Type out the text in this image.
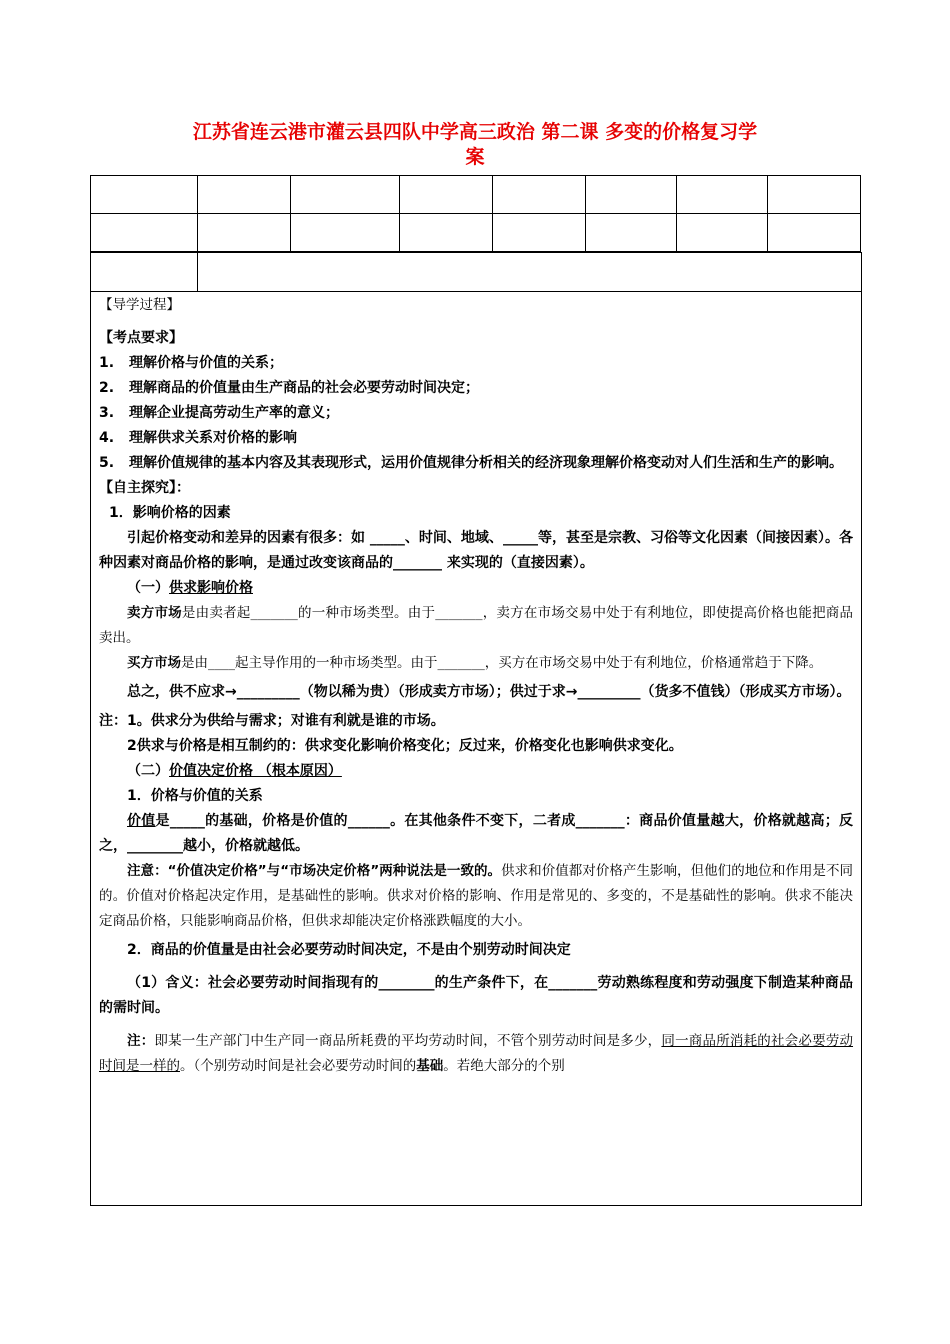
江苏省连云港市灌云县四队中学高三政治 第二课 多变的价格复习学
案

【导学过程】

【考点要求】

1.	理解价格与价值的关系；
2.	理解商品的价值量由生产商品的社会必要劳动时间决定；
3.	理解企业提高劳动生产率的意义；
4.	理解供求关系对价格的影响
5.	理解价值规律的基本内容及其表现形式，运用价值规律分析相关的经济现象理解价格变动对人们生活和生产的影响。

【自主探究】：

1．影响价格的因素

引起价格变动和差异的因素有很多：如 _____、时间、地域、_____等，甚至是宗教、习俗等文化因素（间接因素）。各种因素对商品价格的影响，是通过改变该商品的_______ 来实现的（直接因素）。

（一）供求影响价格

卖方市场是由卖者起_______的一种市场类型。由于_______，卖方在市场交易中处于有利地位，即使提高价格也能把商品卖出。

买方市场是由____起主导作用的一种市场类型。由于_______，买方在市场交易中处于有利地位，价格通常趋于下降。

总之，供不应求→_________（物以稀为贵）（形成卖方市场）；供过于求→_________（货多不值钱）（形成买方市场）。

注：1。供求分为供给与需求；对谁有利就是谁的市场。

2供求与价格是相互制约的：供求变化影响价格变化；反过来，价格变化也影响供求变化。

（二）价值决定价格 （根本原因）

1．价格与价值的关系

价值是_____的基础，价格是价值的______。在其他条件不变下，二者成_______：商品价值量越大，价格就越高；反之，________越小，价格就越低。

注意：“价值决定价格”与“市场决定价格”两种说法是一致的。供求和价值都对价格产生影响，但他们的地位和作用是不同的。价值对价格起决定作用，是基础性的影响。供求对价格的影响、作用是常见的、多变的，不是基础性的影响。供求不能决定商品价格，只能影响商品价格，但供求却能决定价格涨跌幅度的大小。

2．商品的价值量是由社会必要劳动时间决定，不是由个别劳动时间决定

（1）含义：社会必要劳动时间指现有的________的生产条件下，在_______劳动熟练程度和劳动强度下制造某种商品的需时间。

注：即某一生产部门中生产同一商品所耗费的平均劳动时间，不管个别劳动时间是多少，同一商品所消耗的社会必要劳动时间是一样的。（个别劳动时间是社会必要劳动时间的基础。若绝大部分的个别
